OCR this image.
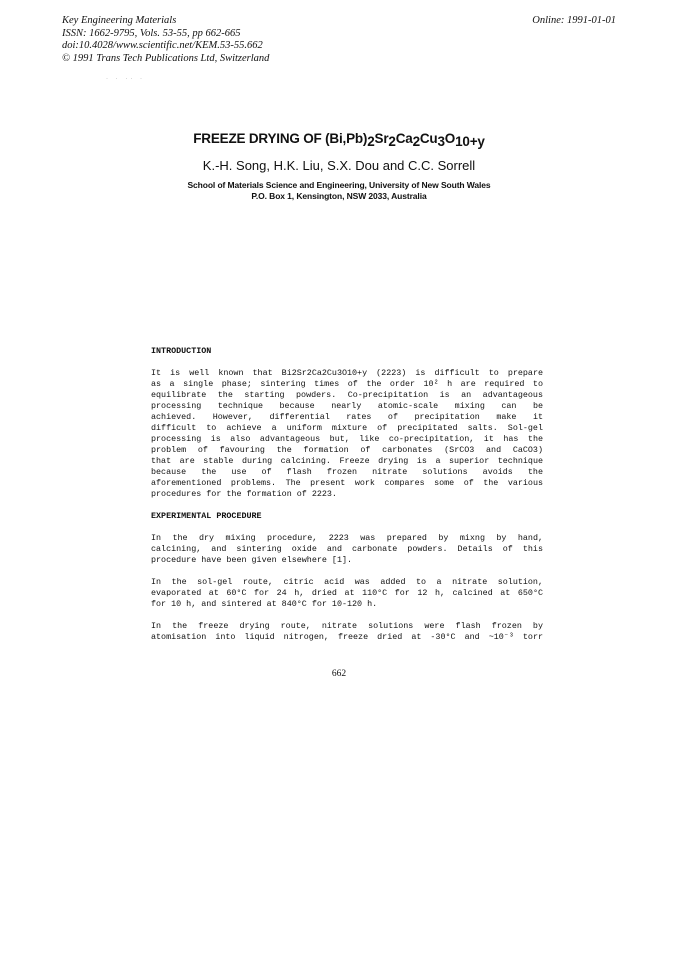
Key Engineering Materials
ISSN: 1662-9795, Vols. 53-55, pp 662-665
doi:10.4028/www.scientific.net/KEM.53-55.662
© 1991 Trans Tech Publications Ltd, Switzerland
Online: 1991-01-01
· · ·· ·
FREEZE DRYING OF $(Bi,Pb)_2Sr_2Ca_2Cu_3O_{10+y}$
K.-H. Song, H.K. Liu, S.X. Dou and C.C. Sorrell
School of Materials Science and Engineering, University of New South Wales
P.O. Box 1, Kensington, NSW 2033, Australia
INTRODUCTION
It is well known that Bi2Sr2Ca2Cu3O10+y (2223) is difficult to prepare
as a single phase; sintering times of the order 10² h are required to
equilibrate the starting powders. Co-precipitation is an advantageous
processing technique because nearly atomic-scale mixing can be
achieved. However, differential rates of precipitation make it
difficult to achieve a uniform mixture of precipitated salts. Sol-gel
processing is also advantageous but, like co-precipitation, it has the
problem of favouring the formation of carbonates (SrCO3 and CaCO3)
that are stable during calcining. Freeze drying is a superior technique
because the use of flash frozen nitrate solutions avoids the
aforementioned problems. The present work compares some of the various
procedures for the formation of 2223.
EXPERIMENTAL PROCEDURE
In the dry mixing procedure, 2223 was prepared by mixng by hand,
calcining, and sintering oxide and carbonate powders. Details of this
procedure have been given elsewhere [1].
In the sol-gel route, citric acid was added to a nitrate solution,
evaporated at 60°C for 24 h, dried at 110°C for 12 h, calcined at 650°C
for 10 h, and sintered at 840°C for 10-120 h.
In the freeze drying route, nitrate solutions were flash frozen by
atomisation into liquid nitrogen, freeze dried at -30°C and ~10⁻³ torr
662
